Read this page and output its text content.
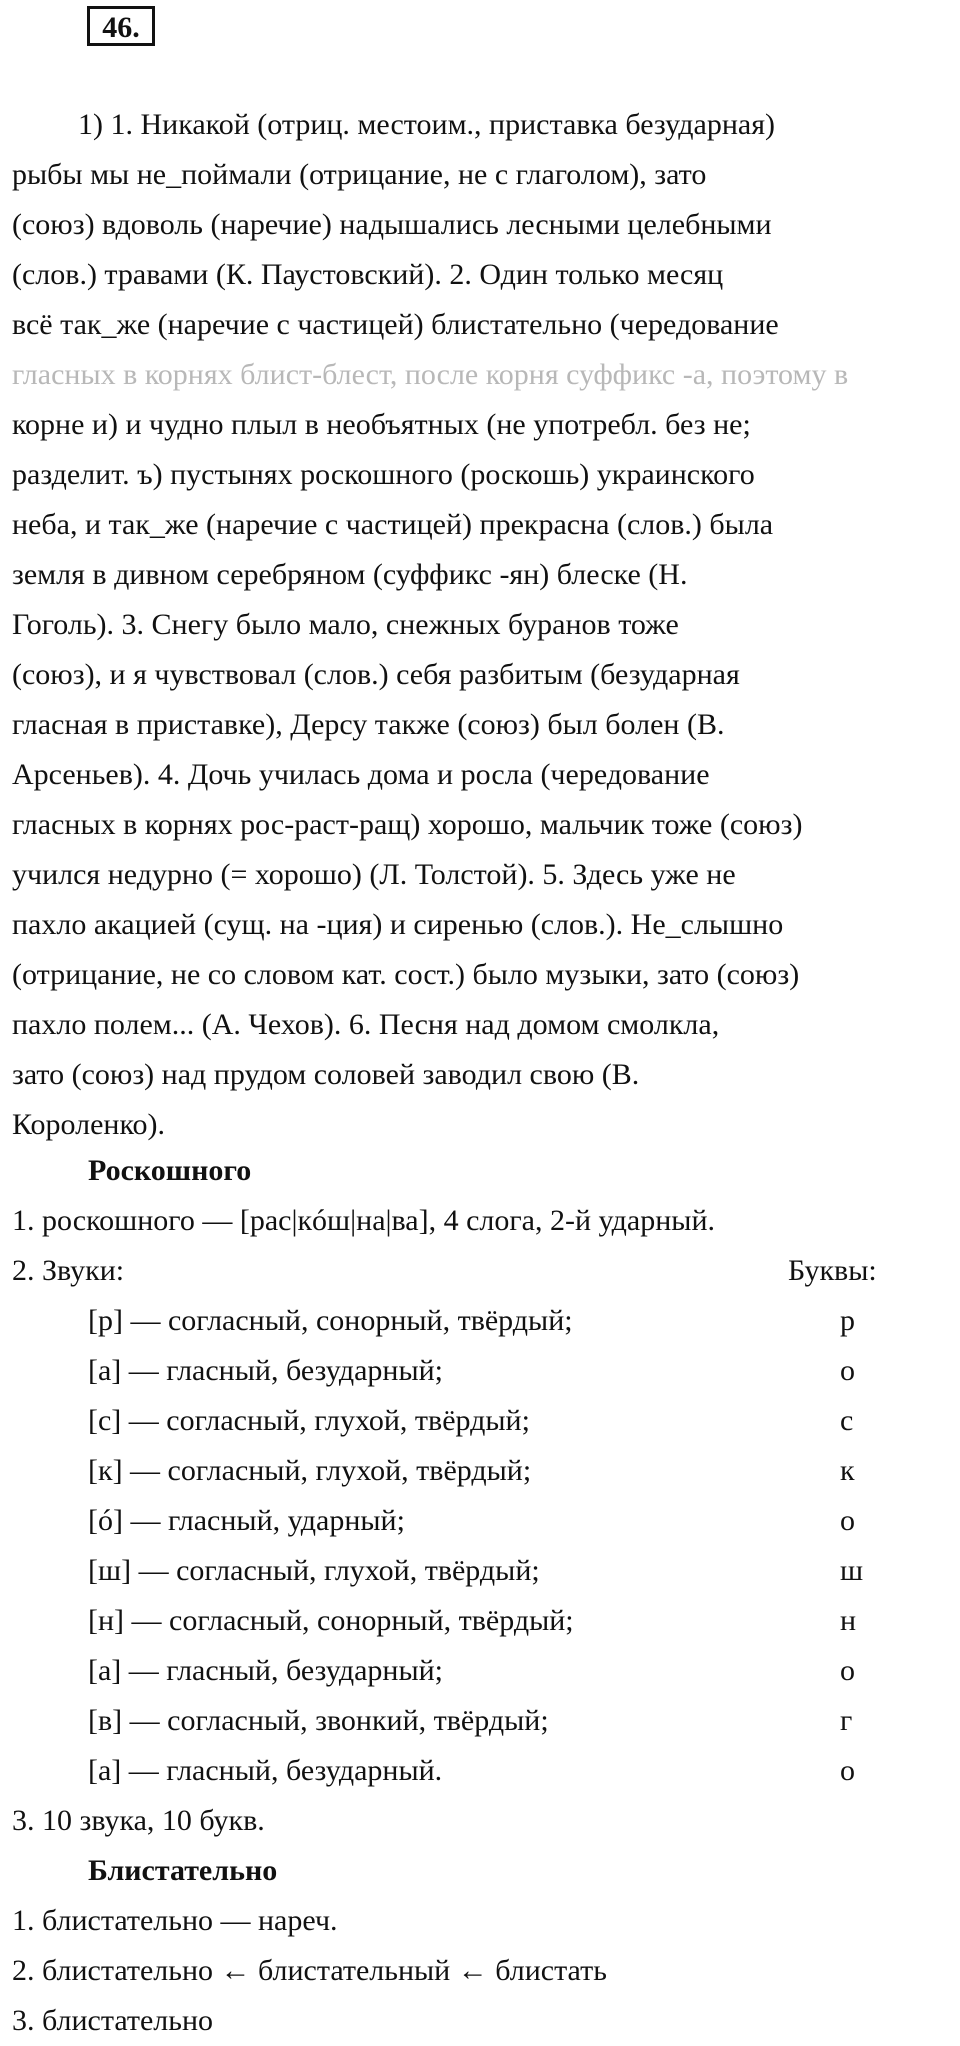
46.
1) 1. Никакой (отриц. местоим., приставка безударная)
рыбы мы не_поймали (отрицание, не с глаголом), зато
(союз) вдоволь (наречие) надышались лесными целебными
(слов.) травами (К. Паустовский). 2. Один только месяц
всё так_же (наречие с частицей) блистательно (чередование
гласных в корнях блист-блест, после корня суффикс -а, поэтому в
корне и) и чудно плыл в необъятных (не употребл. без не;
разделит. ъ) пустынях роскошного (роскошь) украинского
неба, и так_же (наречие с частицей) прекрасна (слов.) была
земля в дивном серебряном (суффикс -ян) блеске (Н.
Гоголь). 3. Снегу было мало, снежных буранов тоже
(союз), и я чувствовал (слов.) себя разбитым (безударная
гласная в приставке), Дерсу также (союз) был болен (В.
Арсеньев). 4. Дочь училась дома и росла (чередование
гласных в корнях рос-раст-ращ) хорошо, мальчик тоже (союз)
учился недурно (= хорошо) (Л. Толстой). 5. Здесь уже не
пахло акацией (сущ. на -ция) и сиренью (слов.). Не_слышно
(отрицание, не со словом кат. сост.) было музыки, зато (союз)
пахло полем... (А. Чехов). 6. Песня над домом смолкла,
зато (союз) над прудом соловей заводил свою (В.
Короленко).
Роскошного
1. роскошного — [рас|кóш|на|ва], 4 слога, 2-й ударный.
2. Звуки:	Буквы:
[р] — согласный, сонорный, твёрдый;	р
[а] — гласный, безударный;	о
[с] — согласный, глухой, твёрдый;	с
[к] — согласный, глухой, твёрдый;	к
[ó] — гласный, ударный;	о
[ш] — согласный, глухой, твёрдый;	ш
[н] — согласный, сонорный, твёрдый;	н
[а] — гласный, безударный;	о
[в] — согласный, звонкий, твёрдый;	г
[а] — гласный, безударный.	о
3. 10 звука, 10 букв.
Блистательно
1. блистательно — нареч.
2. блистательно ← блистательный ← блистать
3. блистательно
